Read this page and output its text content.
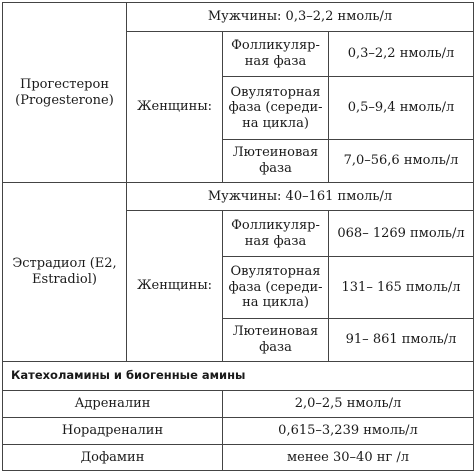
Прогестерон
(Progesterone)	Мужчины: 0,3–2,2 нмоль/л		
	Женщины:	Фолликуляр-
ная фаза	0,3–2,2 нмоль/л

		Овуляторная
фаза (середи-
на цикла)	0,5–9,4 нмоль/л

		Лютеиновая
фаза	7,0–56,6 нмоль/л

Эстрадиол (E2,
Estradiol)	Мужчины: 40–161 пмоль/л		
	Женщины:	Фолликуляр-
ная фаза	068– 1269 пмоль/л

		Овуляторная
фаза (середи-
на цикла)	131– 165 пмоль/л

		Лютеиновая
фаза	91– 861 пмоль/л
Катехоламины и биогенные амины			
Адреналин		2,0–2,5 нмоль/л	
Норадреналин		0,615–3,239 нмоль/л	
Дофамин		менее 30–40 нг /л	
